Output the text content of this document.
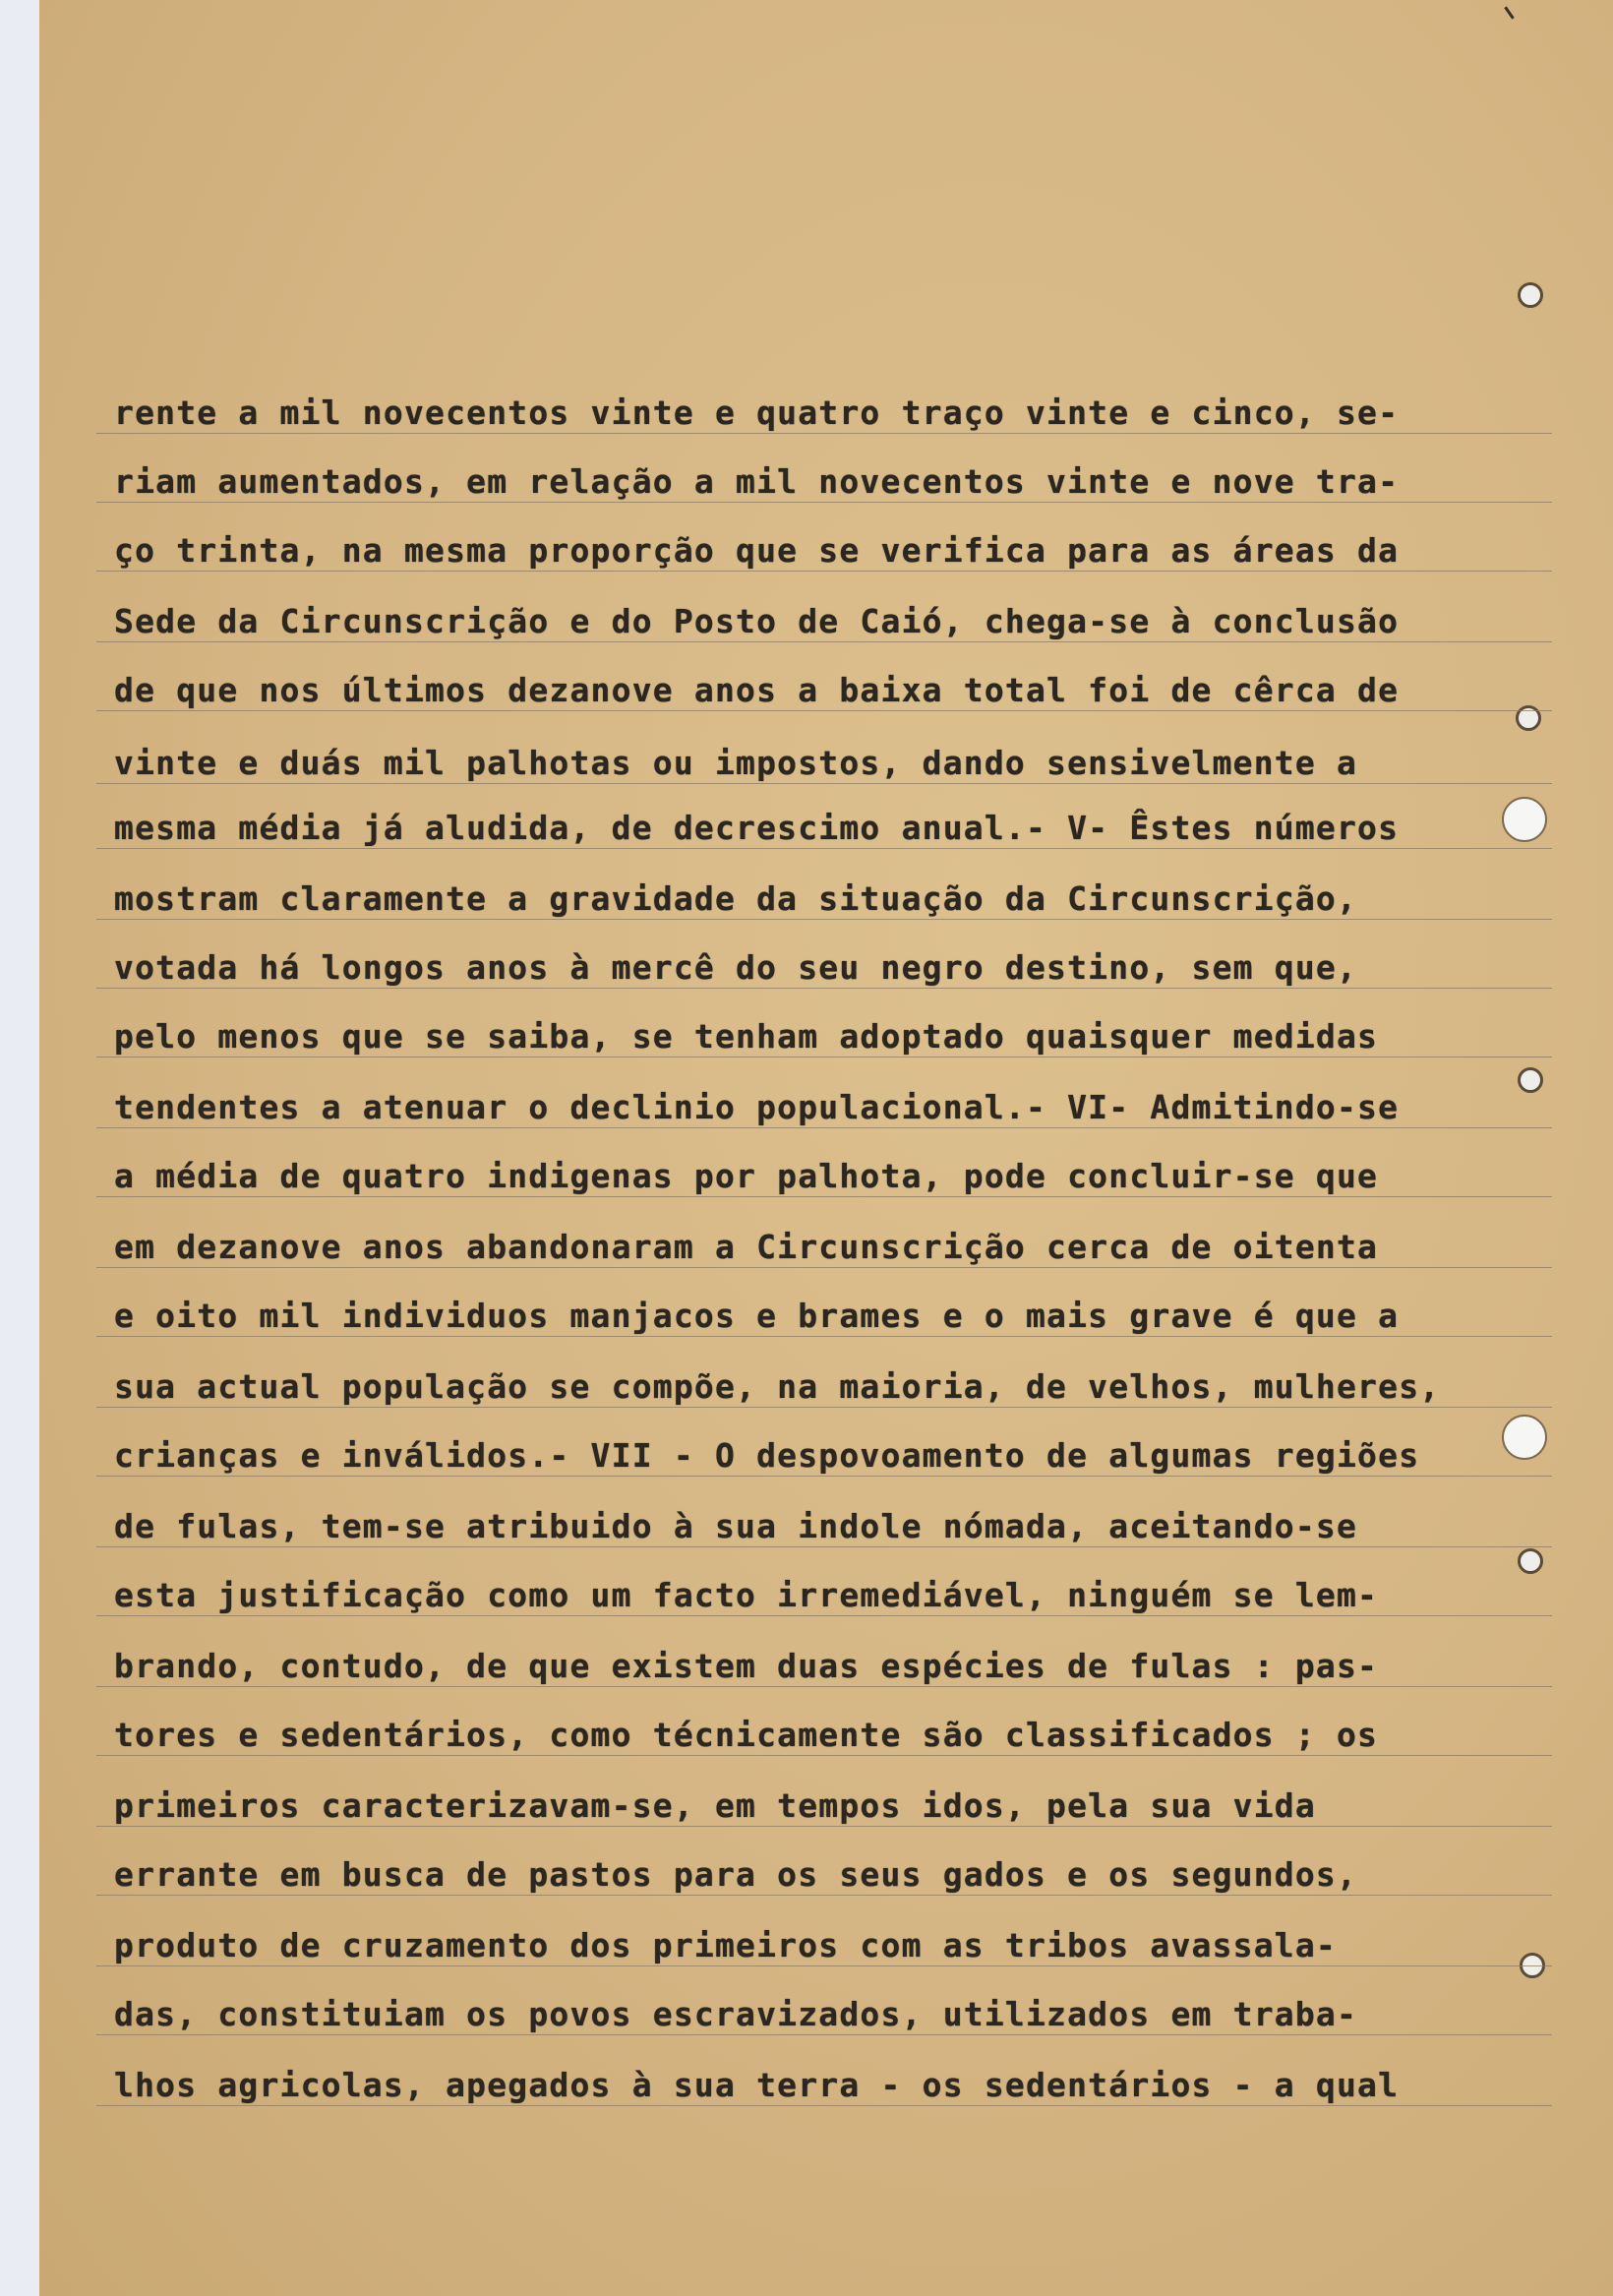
rente a mil novecentos vinte e quatro traço vinte e cinco, se-
riam aumentados, em relação a mil novecentos vinte e nove tra-
ço trinta, na mesma proporção que se verifica para as áreas da
Sede da Circunscrição e do Posto de Caió, chega-se à conclusão
de que nos últimos dezanove anos a baixa total foi de cêrca de
vinte e duás mil palhotas ou impostos, dando sensivelmente a
mesma média já aludida, de decrescimo anual.- V- Êstes números
mostram claramente a gravidade da situação da Circunscrição,
votada há longos anos à mercê do seu negro destino, sem que,
pelo menos que se saiba, se tenham adoptado quaisquer medidas
tendentes a atenuar o declinio populacional.- VI- Admitindo-se
a média de quatro indigenas por palhota, pode concluir-se que
em dezanove anos abandonaram a Circunscrição cerca de oitenta
e oito mil individuos manjacos e brames e o mais grave é que a
sua actual população se compõe, na maioria, de velhos, mulheres,
crianças e inválidos.- VII - O despovoamento de algumas regiões
de fulas, tem-se atribuido à sua indole nómada, aceitando-se
esta justificação como um facto irremediável, ninguém se lem-
brando, contudo, de que existem duas espécies de fulas : pas-
tores e sedentários, como técnicamente são classificados ; os
primeiros caracterizavam-se, em tempos idos, pela sua vida
errante em busca de pastos para os seus gados e os segundos,
produto de cruzamento dos primeiros com as tribos avassala-
das, constituiam os povos escravizados, utilizados em traba-
lhos agricolas, apegados à sua terra - os sedentários - a qual
